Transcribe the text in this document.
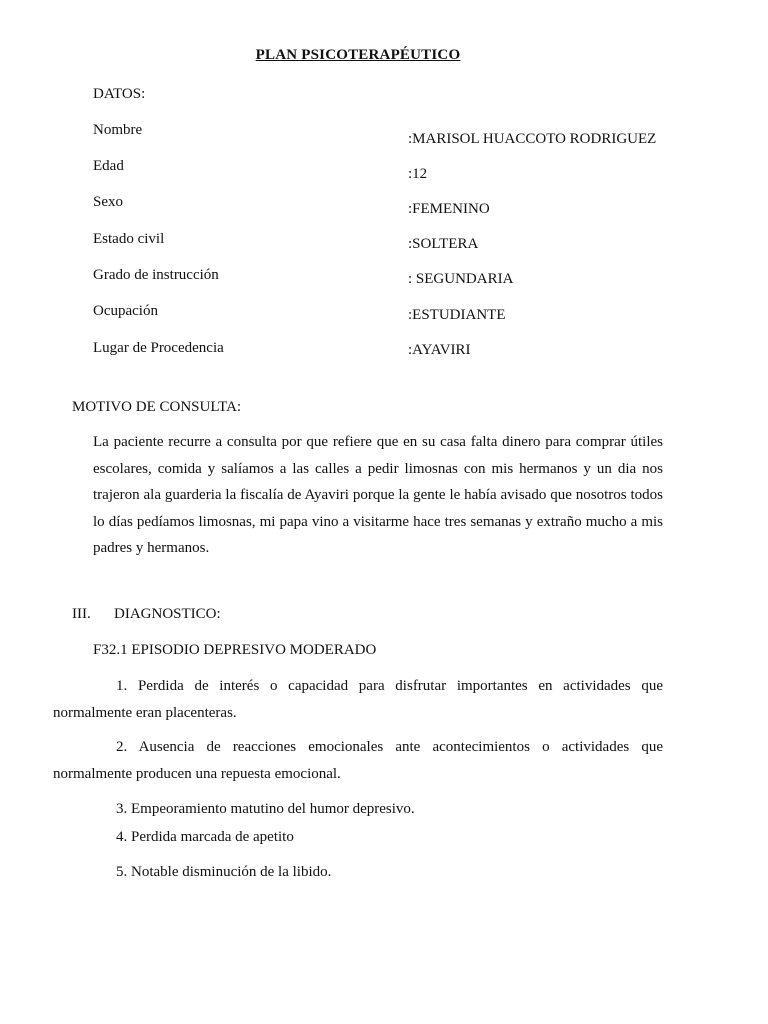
PLAN PSICOTERAPÉUTICO
DATOS:
Nombre
:MARISOL HUACCOTO RODRIGUEZ
Edad	:12
Sexo	:FEMENINO
Estado civil	:SOLTERA
Grado de instrucción	: SEGUNDARIA
Ocupación	:ESTUDIANTE
Lugar de Procedencia	:AYAVIRI
MOTIVO DE CONSULTA:
La paciente recurre a consulta por que refiere que en su casa falta dinero para comprar útiles escolares, comida y salíamos a las calles a pedir limosnas con mis hermanos y un dia nos trajeron ala guarderia la fiscalía de Ayaviri porque la gente le había avisado que nosotros todos lo días pedíamos limosnas, mi papa vino a visitarme hace tres semanas y extraño mucho a mis padres y hermanos.
III. DIAGNOSTICO:
F32.1 EPISODIO DEPRESIVO MODERADO
1. Perdida de interés o capacidad para disfrutar importantes en actividades que normalmente eran placenteras.
2. Ausencia de reacciones emocionales ante acontecimientos o actividades que normalmente producen una repuesta emocional.
3. Empeoramiento matutino del humor depresivo.
4. Perdida marcada de apetito
5. Notable disminución de la libido.
